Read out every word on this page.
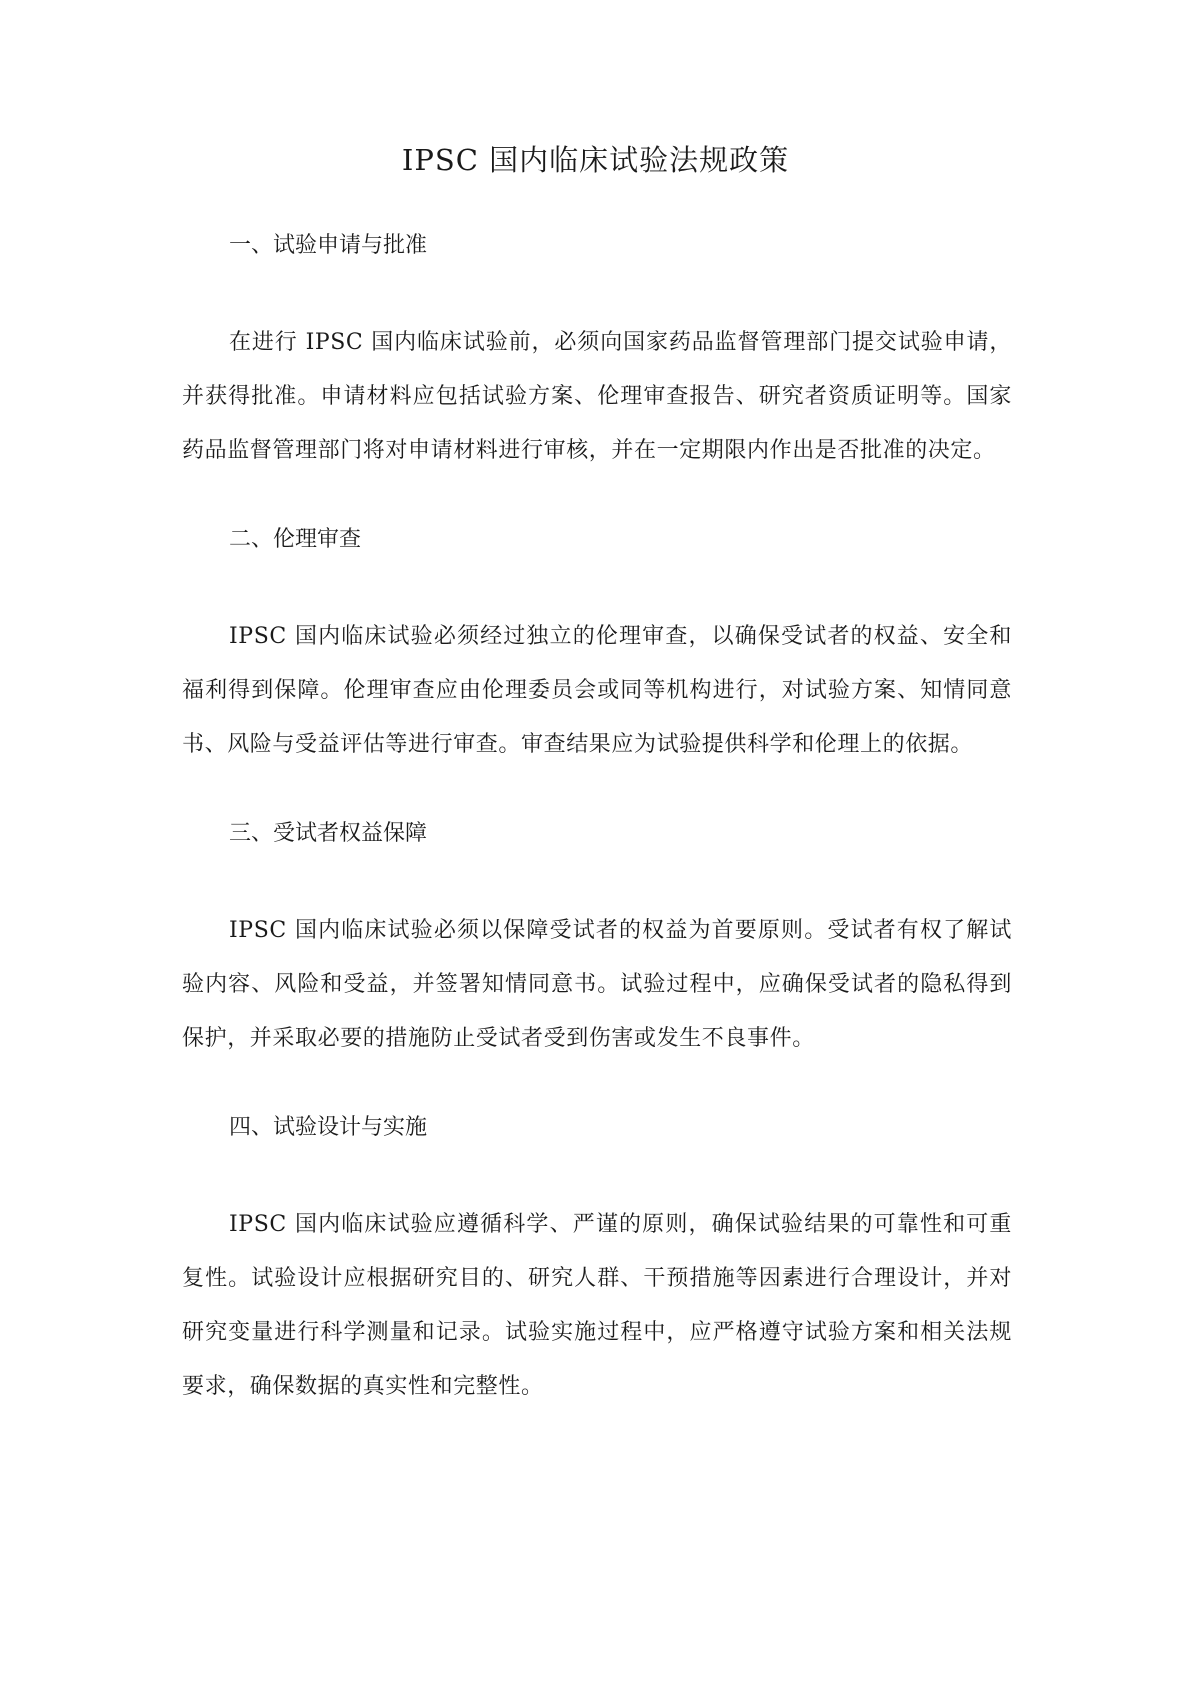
IPSC 国内临床试验法规政策
一、试验申请与批准

在进行 IPSC 国内临床试验前，必须向国家药品监督管理部门提交试验申请，并获得批准。申请材料应包括试验方案、伦理审查报告、研究者资质证明等。国家药品监督管理部门将对申请材料进行审核，并在一定期限内作出是否批准的决定。

二、伦理审查

IPSC 国内临床试验必须经过独立的伦理审查，以确保受试者的权益、安全和福利得到保障。伦理审查应由伦理委员会或同等机构进行，对试验方案、知情同意书、风险与受益评估等进行审查。审查结果应为试验提供科学和伦理上的依据。

三、受试者权益保障

IPSC 国内临床试验必须以保障受试者的权益为首要原则。受试者有权了解试验内容、风险和受益，并签署知情同意书。试验过程中，应确保受试者的隐私得到保护，并采取必要的措施防止受试者受到伤害或发生不良事件。

四、试验设计与实施

IPSC 国内临床试验应遵循科学、严谨的原则，确保试验结果的可靠性和可重复性。试验设计应根据研究目的、研究人群、干预措施等因素进行合理设计，并对研究变量进行科学测量和记录。试验实施过程中，应严格遵守试验方案和相关法规要求，确保数据的真实性和完整性。
